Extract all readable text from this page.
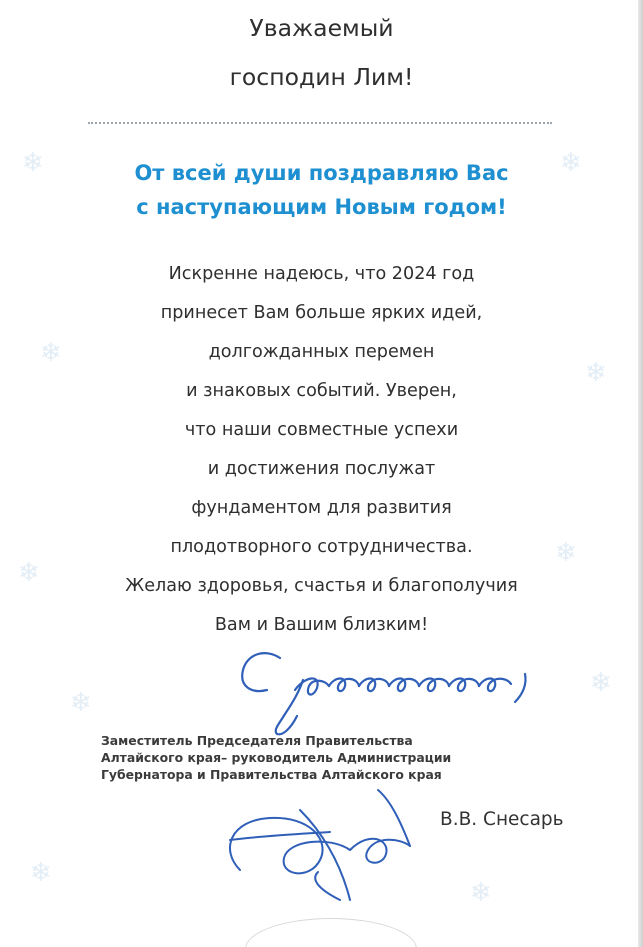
❄
❄
❄
❄
❄
❄
❄
❄
❄
❄
Уважаемый
господин Лим!
От всей души поздравляю Вас
с наступающим Новым годом!
Искренне надеюсь, что 2024 год
принесет Вам больше ярких идей,
долгожданных перемен
и знаковых событий. Уверен,
что наши совместные успехи
и достижения послужат
фундаментом для развития
плодотворного сотрудничества.
Желаю здоровья, счастья и благополучия
Вам и Вашим близким!
Заместитель Председателя Правительства
Алтайского края– руководитель Администрации
Губернатора и Правительства Алтайского края
В.В. Снесарь
